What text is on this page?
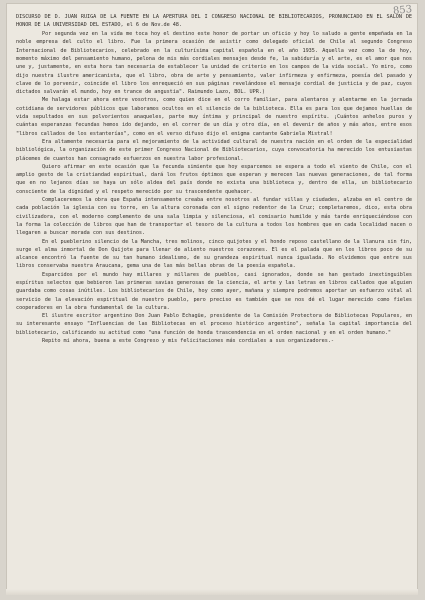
853

DISCURSO DE D. JUAN RUIGA DE LA FUENTE EN LA APERTURA DEL I CONGRESO NACIONAL DE BIBLIOTECARIOS, PRONUNCIADO EN EL SALON DE HONOR DE LA UNIVERSIDAD DEL ESTADO, el 6 de Nov.de 48.

Por segunda vez en la vida me toca hoy el destino este honor de portar un oficio y hoy lo saludo a gente empeñada en la noble empresa del culto el libro. Fue la primera ocasión de asistir como delegado oficial de Chile al segundo Congreso Internacional de Bibliotecarios, celebrado en la culturísima capital española en el año 1935. Aquella vez como la de hoy, momento máximo del pensamiento humano, pelona de mis más cordiales mensajes desde fe, la sabiduría y el arte, es el amor que nos une y, justamente, en esta hora tan necesaria de establecer la unidad de criterio en los campos de la vida social. Yo miro, como dijo nuestra ilustre americanista, que el libro, obra de arte y pensamiento, valer infirmeza y enfirmeza, poesía del pasado y clave de lo porvenir, coincide el libro los enrequeció en sus páginas revelándose el mensaje cordial de justicia y de paz, cuyos dictados salvarán el mundo, hoy en trance de angustia". Raimundo Lazo, BOL. UPR.)

Me halaga estar ahora entre vosotros, como quien dice en el corro familiar, para alentaros y alentarme en la jornada cotidiana de servidores públicos que laboramos ocultos en el silencio de la biblioteca. Ella es para los que dejamos huellas de vida sepultados en sus polvorientos anaqueles, parte muy íntima y principal de nuestro espíritu. ¡Cuántos anhelos puros y cuántas esperanzas fecundas hemos ido dejando, en el correr de un día y otro día, en el devenir de años y más años, entre esos "libros callados de los estanterías", como en el verso difuso dijo el enigma cantante Gabriela Mistral!

Era altamente necesaria para el mejoramiento de la actividad cultural de nuestra nación en el orden de la especialidad bibliológica, la organización de este primer Congreso Nacional de Bibliotecarios, cuya convocatoria ha merecido los entusiastas plácemes de cuantos han consagrado esfuerzos en nuestra labor profesional.

Quiero afirmar en este ocasión que la fecunda simiente que hoy esparcemos se espera a todo el viento de Chile, con el amplio gesto de la cristiandad espiritual, dará los frutos óptimos que esperan y merecen las nuevas generaciones, de tal forma que en no lejanos días se haya un sólo aldea del país donde no exista una biblioteca y, dentro de ella, un bibliotecario consciente de la dignidad y el respeto merecido por su trascendente quehacer.

Complaceremos la obra que España intensamente creaba entre nosotros al fundar villas y ciudades, alzaba en el centro de cada población la iglesia con su torre, en la altura coronada con el signo redentor de la Cruz; completaremos, dico, esta obra civilizadora, con el moderno complemento de una sala limpia y silenciosa, el comisario humilde y más tarde enriqueciéndose con la forma la colección de libros que han de transportar el tesoro de la cultura a todos los hombres que en cada localidad nacen o llegaren a buscar morada con sus destinos.

En el pueblerino silencio de la Mancha, tres molinos, cinco quijotes y el hondo reposo castellano de la llanura sin fin, surge el alma inmortal de Don Quijote para llenar de aliento nuestros corazones. El es el palada que en los libros poco de su alcance encontró la fuente de su tan humano idealismo, de su grandeza espiritual nunca igualada. No olvidemos que entre sus libros conservaba nuestra Araucana, gema una de las más bellas obras de la poesía española.

Esparcidos por el mundo hay millares y millares de pueblos, casi ignorados, donde se han gestado inextinguibles espíritus selectos que bebieron las primeras savias generosas de la ciencia, el arte y las letras en libros callados que alguien guardaba como cosas inútiles. Los bibliotecarios de Chile, hoy como ayer, mañana y siempre podremos aportar un esfuerzo vital al servicio de la elevación espiritual de nuestro pueblo, pero preciso es también que se nos dé el lugar merecido como fieles cooperadores en la obra fundamental de la cultura.

El ilustre escritor argentino Don Juan Pablo Echagüe, presidente de la Comisión Protectora de Bibliotecas Populares, en su interesante ensayo "Influencias de las Bibliotecas en el proceso histórico argentino", señala la capital importancia del bibliotecario, calificando su actitud como "una función de honda trascendencia en el orden nacional y en el orden humano."

Repito mi ahora, buena a este Congreso y mis felicitaciones más cordiales a sus organizadores.-
